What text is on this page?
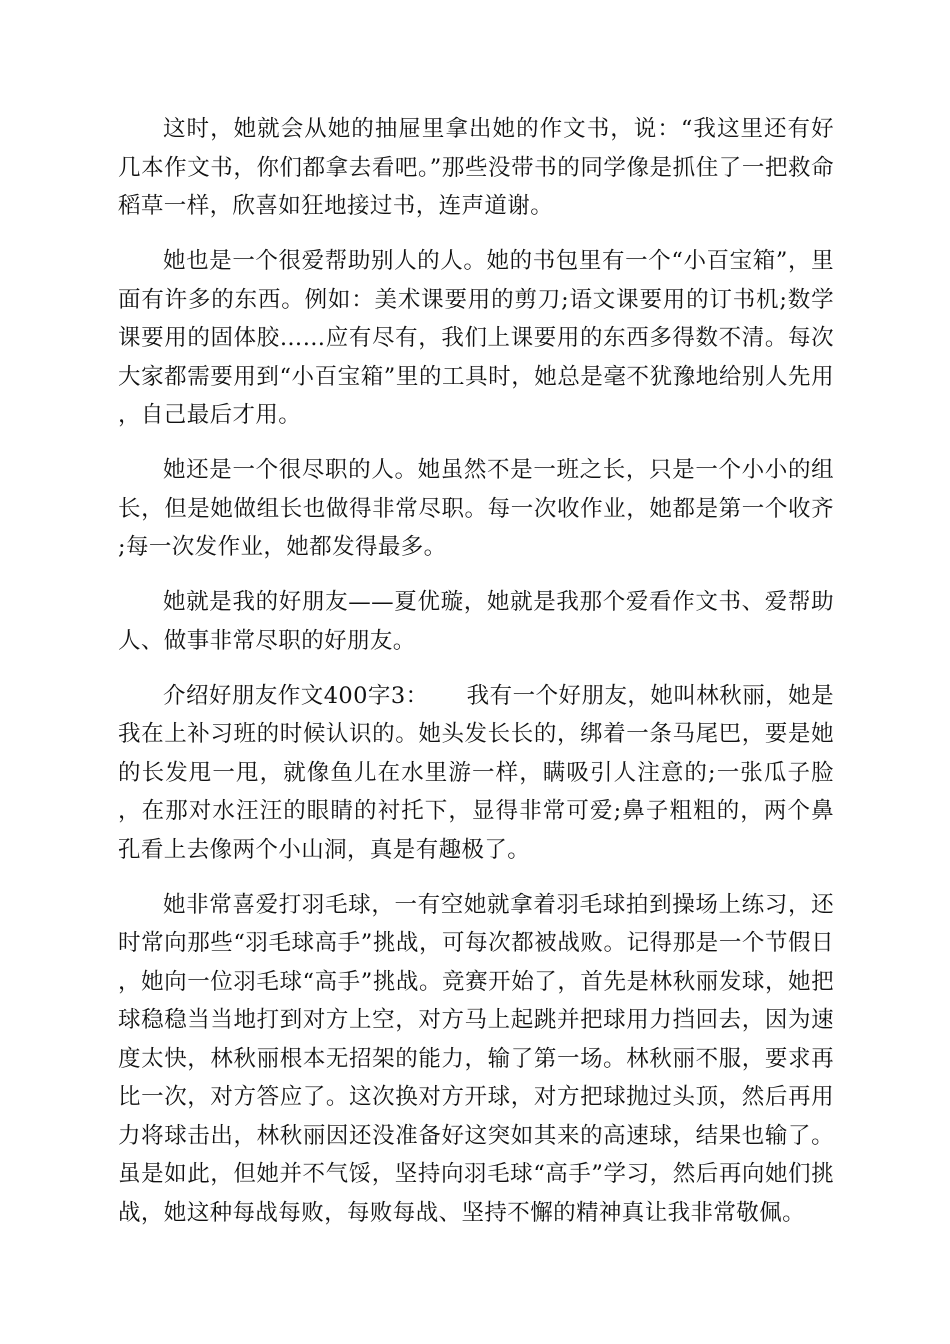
这时，她就会从她的抽屉里拿出她的作文书，说：“我这里还有好几本作文书，你们都拿去看吧。”那些没带书的同学像是抓住了一把救命稻草一样，欣喜如狂地接过书，连声道谢。

她也是一个很爱帮助别人的人。她的书包里有一个“小百宝箱”，里面有许多的东西。例如：美术课要用的剪刀;语文课要用的订书机;数学课要用的固体胶……应有尽有，我们上课要用的东西多得数不清。每次大家都需要用到“小百宝箱”里的工具时，她总是毫不犹豫地给别人先用，自己最后才用。

她还是一个很尽职的人。她虽然不是一班之长，只是一个小小的组长，但是她做组长也做得非常尽职。每一次收作业，她都是第一个收齐;每一次发作业，她都发得最多。

她就是我的好朋友——夏优璇，她就是我那个爱看作文书、爱帮助人、做事非常尽职的好朋友。

介绍好朋友作文400字3： 我有一个好朋友，她叫林秋丽，她是我在上补习班的时候认识的。她头发长长的，绑着一条马尾巴，要是她的长发甩一甩，就像鱼儿在水里游一样，瞒吸引人注意的;一张瓜子脸，在那对水汪汪的眼睛的衬托下，显得非常可爱;鼻子粗粗的，两个鼻孔看上去像两个小山洞，真是有趣极了。

她非常喜爱打羽毛球，一有空她就拿着羽毛球拍到操场上练习，还时常向那些“羽毛球高手”挑战，可每次都被战败。记得那是一个节假日，她向一位羽毛球“高手”挑战。竞赛开始了，首先是林秋丽发球，她把球稳稳当当地打到对方上空，对方马上起跳并把球用力挡回去，因为速度太快，林秋丽根本无招架的能力，输了第一场。林秋丽不服，要求再比一次，对方答应了。这次换对方开球，对方把球抛过头顶，然后再用力将球击出，林秋丽因还没准备好这突如其来的高速球，结果也输了。虽是如此，但她并不气馁，坚持向羽毛球“高手”学习，然后再向她们挑战，她这种每战每败，每败每战、坚持不懈的精神真让我非常敬佩。
